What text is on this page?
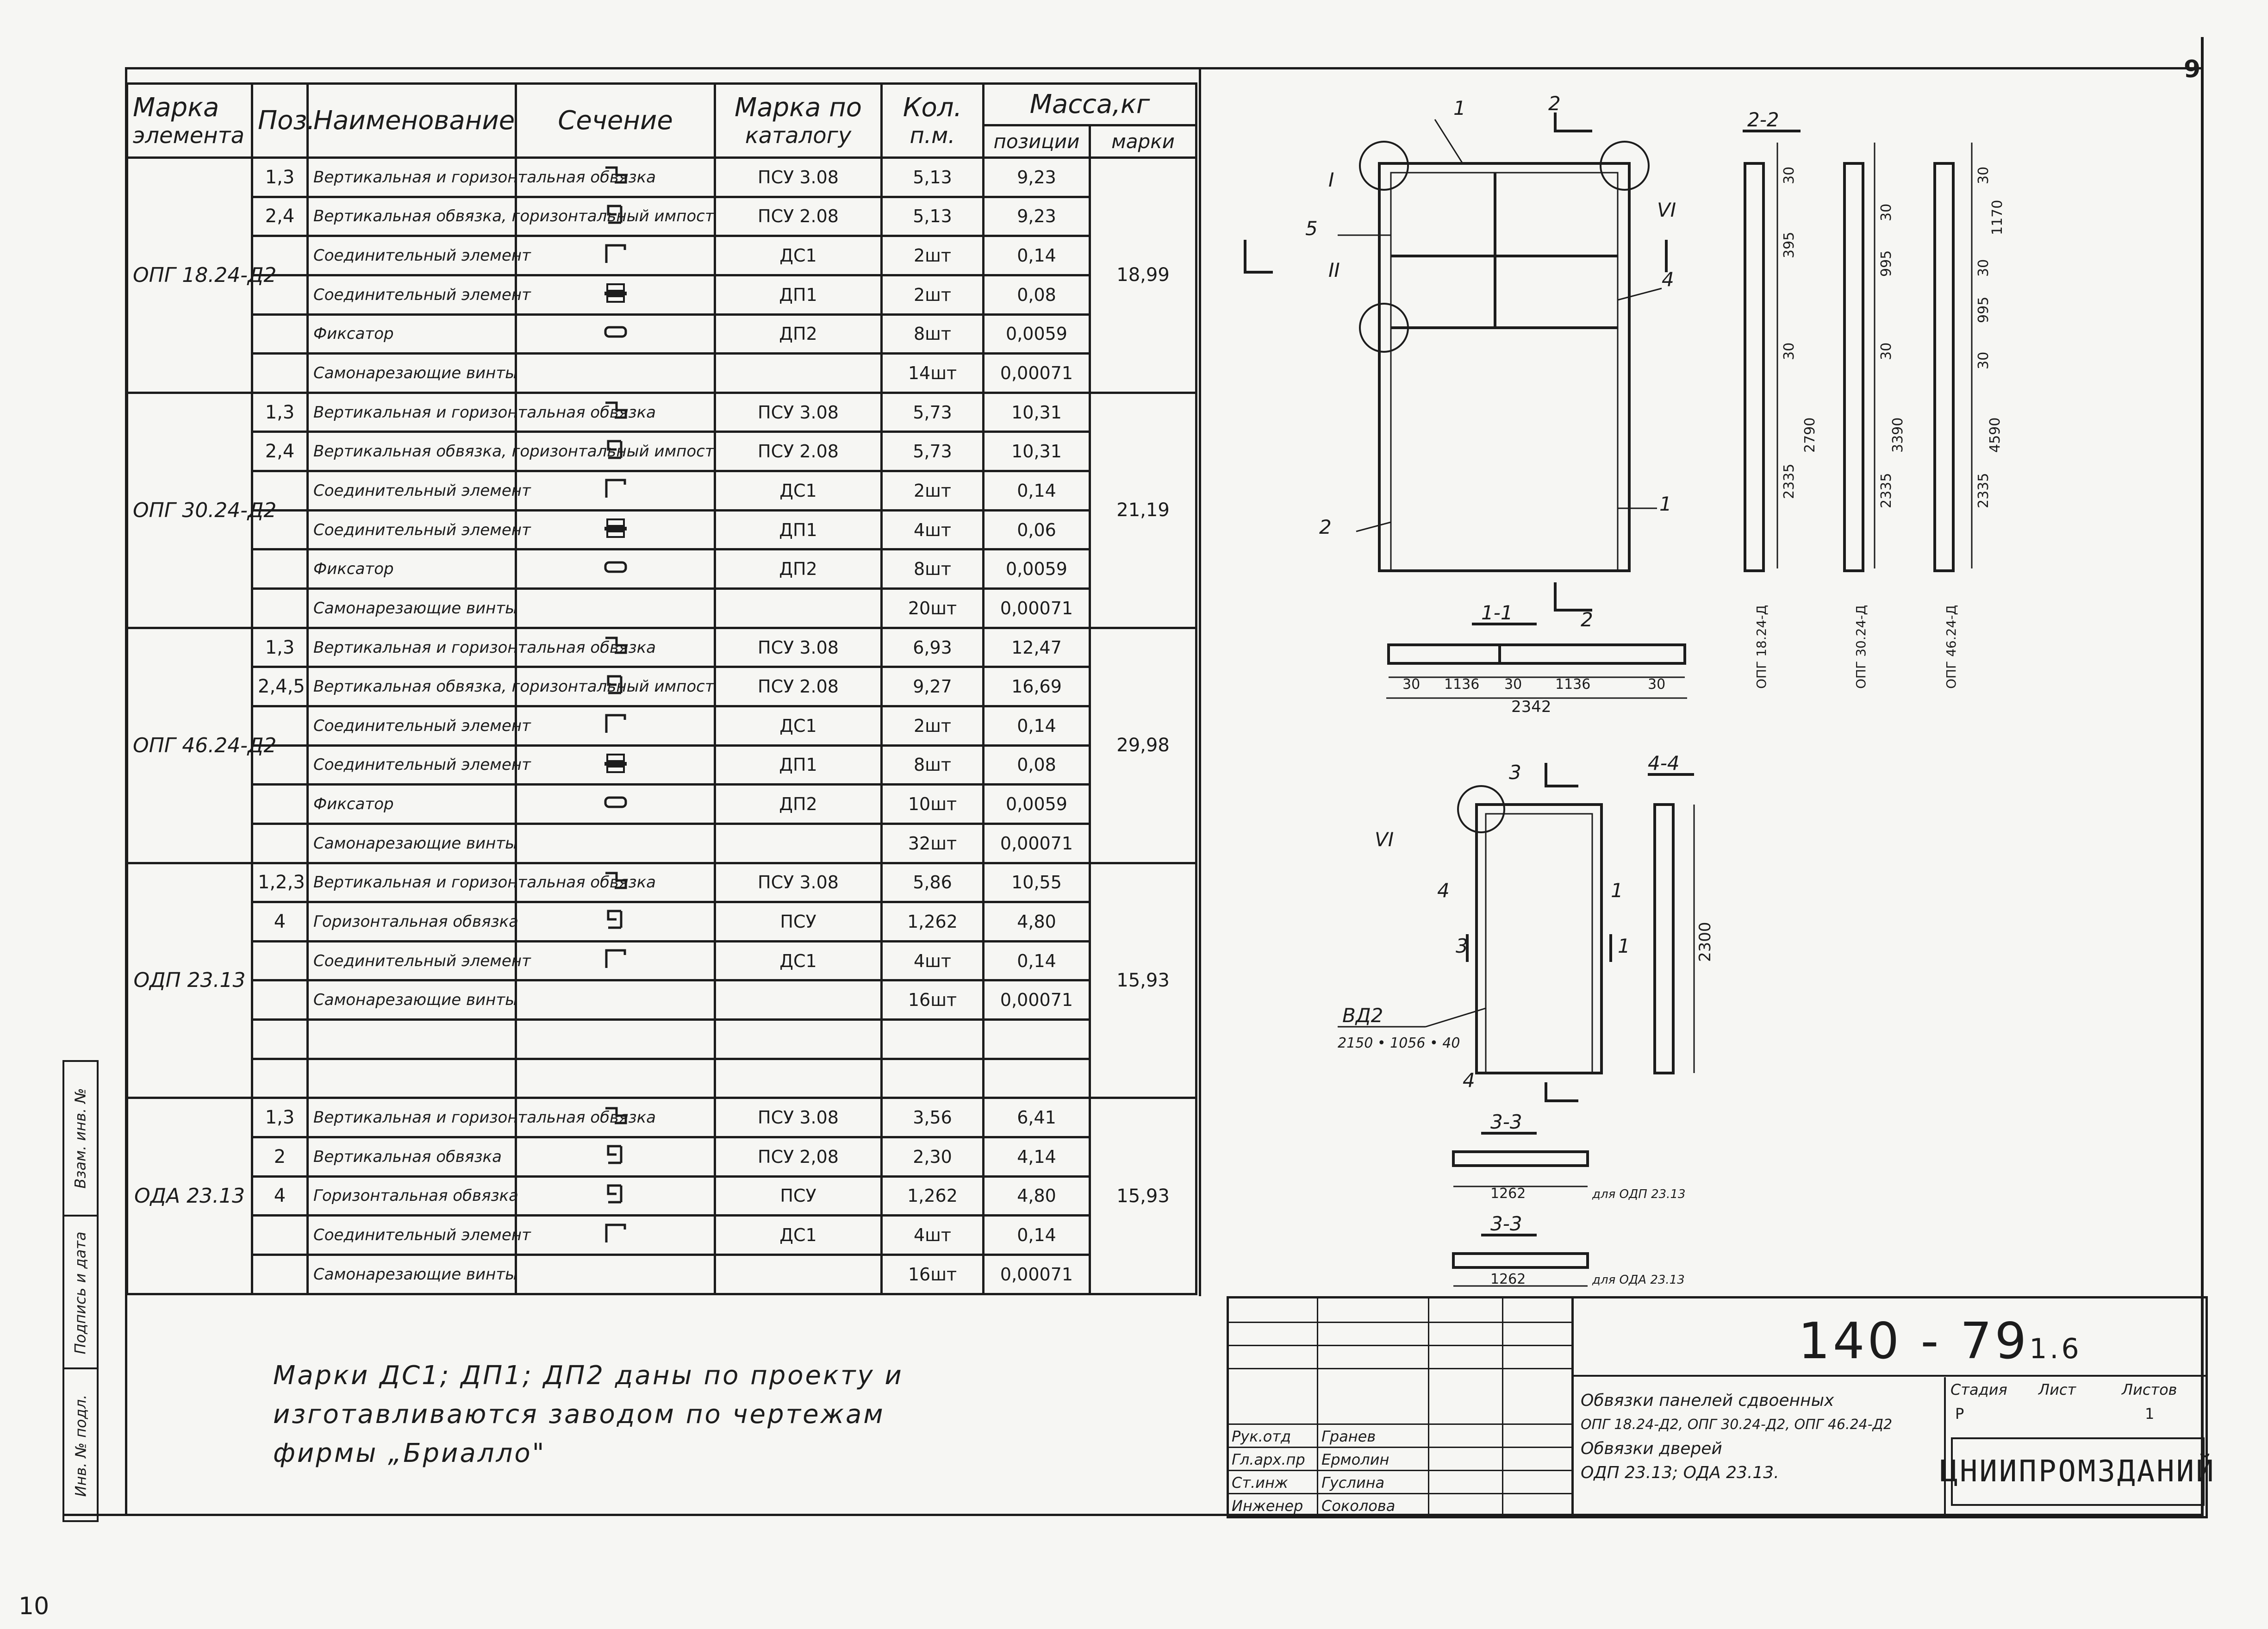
9
10
Марка
элемента	Поз.	Наименование	Сечение	Марка по
каталогу	Кол.
п.м.	Масса,кг	
						позиции	марки
ОПГ 18.24-Д2	1,3	Вертикальная и горизонтальная обвязка		ПСУ 3.08	5,13	9,23	18,99
	2,4	Вертикальная обвязка, горизонтальный импост		ПСУ 2.08	5,13	9,23	
		Соединительный элемент		ДС1	2шт	0,14	
		Соединительный элемент		ДП1	2шт	0,08	
		Фиксатор		ДП2	8шт	0,0059	
		Самонарезающие винты			14шт	0,00071	
ОПГ 30.24-Д2	1,3	Вертикальная и горизонтальная обвязка		ПСУ 3.08	5,73	10,31	21,19
	2,4	Вертикальная обвязка, горизонтальный импост		ПСУ 2.08	5,73	10,31	
		Соединительный элемент		ДС1	2шт	0,14	
		Соединительный элемент		ДП1	4шт	0,06	
		Фиксатор		ДП2	8шт	0,0059	
		Самонарезающие винты			20шт	0,00071	
ОПГ 46.24-Д2	1,3	Вертикальная и горизонтальная обвязка		ПСУ 3.08	6,93	12,47	29,98
	2,4,5	Вертикальная обвязка, горизонтальный импост		ПСУ 2.08	9,27	16,69	
		Соединительный элемент		ДС1	2шт	0,14	
		Соединительный элемент		ДП1	8шт	0,08	
		Фиксатор		ДП2	10шт	0,0059	
		Самонарезающие винты			32шт	0,00071	
ОДП 23.13	1,2,3	Вертикальная и горизонтальная обвязка		ПСУ 3.08	5,86	10,55	15,93
	4	Горизонтальная обвязка		ПСУ	1,262	4,80	
		Соединительный элемент		ДС1	4шт	0,14	
		Самонарезающие винты			16шт	0,00071	

ОДА 23.13	1,3	Вертикальная и горизонтальная обвязка		ПСУ 3.08	3,56	6,41	15,93
	2	Вертикальная обвязка		ПСУ 2,08	2,30	4,14	
	4	Горизонтальная обвязка		ПСУ	1,262	4,80	
		Соединительный элемент		ДС1	4шт	0,14	
		Самонарезающие винты			16шт	0,00071	
1	2
5
4
2
1
I
II
VI
2
2-2
1-1
4-4
3-3
3-3
3
4	1
4
3	1
VI
ВД2
2150 • 1056 • 40
30 1136 30 1136	30
2342
1262	для ОДП 23.13
1262	для ОДА 23.13
2300
30
395
30
2790
2335
30
995
30
3390
2335
30
1170
30
995
30
4590
2335
ОПГ 18.24-Д	ОПГ 30.24-Д	ОПГ 46.24-Д
Марки ДС1; ДП1; ДП2 даны по проекту и
изготавливаются заводом по чертежам
фирмы „Бриалло"
Взам. инв. №
Подпись и дата
Инв. № подл.	Рук.отд Гранев
Гл.арх.пр Ермолин
Ст.инж Гуслина
Инженер Соколова
140 - 791.6
Обвязки панелей сдвоенных
ОПГ 18.24-Д2, ОПГ 30.24-Д2, ОПГ 46.24-Д2
Обвязки дверей
ОДП 23.13; ОДА 23.13.
Стадия Лист	Листов
Р	1
ЦНИИПРОМЗДАНИЙ
